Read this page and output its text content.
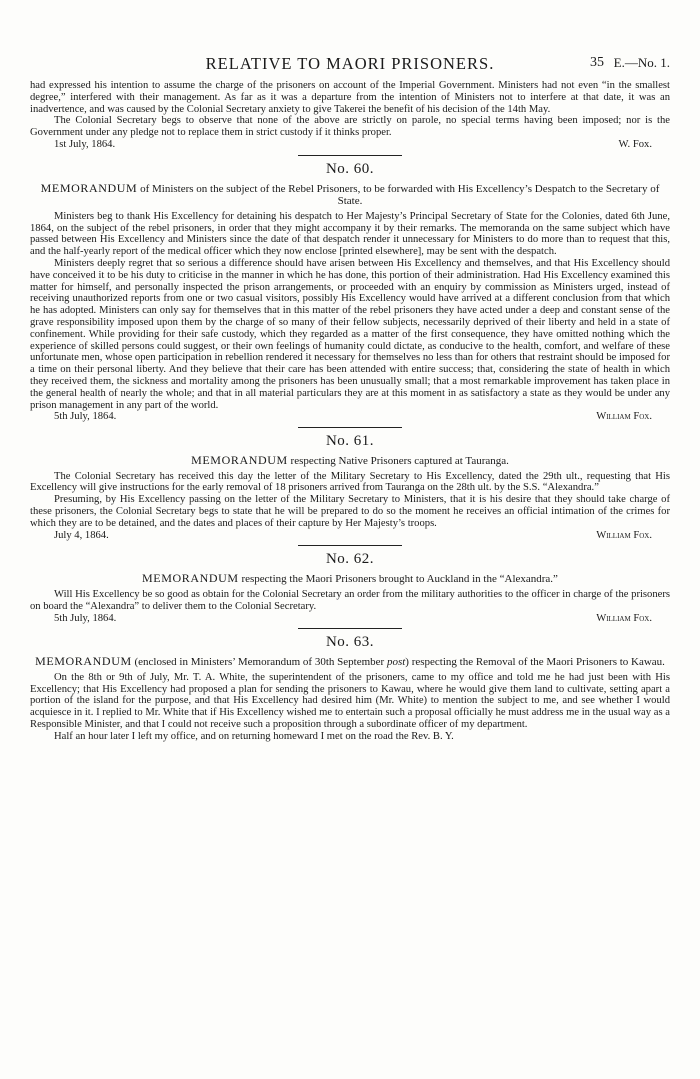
RELATIVE TO MAORI PRISONERS.	35 E.—No. 1.

had expressed his intention to assume the charge of the prisoners on account of the Imperial Government. Ministers had not even “in the smallest degree,” interfered with their management. As far as it was a departure from the intention of Ministers not to interfere at that date, it was an inadvertence, and was caused by the Colonial Secretary anxiety to give Takerei the benefit of his decision of the 14th May.

The Colonial Secretary begs to observe that none of the above are strictly on parole, no special terms having been imposed; nor is the Government under any pledge not to replace them in strict custody if it thinks proper.

1st July, 1864.	W. Fox.
No. 60.
MEMORANDUM of Ministers on the subject of the Rebel Prisoners, to be forwarded with His Excellency’s Despatch to the Secretary of State.

Ministers beg to thank His Excellency for detaining his despatch to Her Majesty’s Principal Secretary of State for the Colonies, dated 6th June, 1864, on the subject of the rebel prisoners, in order that they might accompany it by their remarks. The memoranda on the same subject which have passed between His Excellency and Ministers since the date of that despatch render it unnecessary for Ministers to do more than to request that this, and the half-yearly report of the medical officer which they now enclose [printed elsewhere], may be sent with the despatch.

Ministers deeply regret that so serious a difference should have arisen between His Excellency and themselves, and that His Excellency should have conceived it to be his duty to criticise in the manner in which he has done, this portion of their administration. Had His Excellency examined this matter for himself, and personally inspected the prison arrangements, or proceeded with an enquiry by commission as Ministers urged, instead of receiving unauthorized reports from one or two casual visitors, possibly His Excellency would have arrived at a different conclusion from that which he has adopted. Ministers can only say for themselves that in this matter of the rebel prisoners they have acted under a deep and constant sense of the grave responsibility imposed upon them by the charge of so many of their fellow subjects, necessarily deprived of their liberty and held in a state of confinement. While providing for their safe custody, which they regarded as a matter of the first consequence, they have omitted nothing which the experience of skilled persons could suggest, or their own feelings of humanity could dictate, as conducive to the health, comfort, and welfare of these unfortunate men, whose open participation in rebellion rendered it necessary for themselves no less than for others that restraint should be imposed for a time on their personal liberty. And they believe that their care has been attended with entire success; that, considering the state of health in which they received them, the sickness and mortality among the prisoners has been unusually small; that a most remarkable improvement has taken place in the general health of nearly the whole; and that in all material particulars they are at this moment in as satisfactory a state as they would be under any prison management in any part of the world.

5th July, 1864.	William Fox.
No. 61.
MEMORANDUM respecting Native Prisoners captured at Tauranga.

The Colonial Secretary has received this day the letter of the Military Secretary to His Excellency, dated the 29th ult., requesting that His Excellency will give instructions for the early removal of 18 prisoners arrived from Tauranga on the 28th ult. by the S.S. “Alexandra.”

Presuming, by His Excellency passing on the letter of the Military Secretary to Ministers, that it is his desire that they should take charge of these prisoners, the Colonial Secretary begs to state that he will be prepared to do so the moment he receives an official intimation of the crimes for which they are to be detained, and the dates and places of their capture by Her Majesty’s troops.

July 4, 1864.	William Fox.
No. 62.
MEMORANDUM respecting the Maori Prisoners brought to Auckland in the “Alexandra.”

Will His Excellency be so good as obtain for the Colonial Secretary an order from the military authorities to the officer in charge of the prisoners on board the “Alexandra” to deliver them to the Colonial Secretary.

5th July, 1864.	William Fox.
No. 63.
MEMORANDUM (enclosed in Ministers’ Memorandum of 30th September post) respecting the Removal of the Maori Prisoners to Kawau.

On the 8th or 9th of July, Mr. T. A. White, the superintendent of the prisoners, came to my office and told me he had just been with His Excellency; that His Excellency had proposed a plan for sending the prisoners to Kawau, where he would give them land to cultivate, setting apart a portion of the island for the purpose, and that His Excellency had desired him (Mr. White) to mention the subject to me, and see whether I would acquiesce in it. I replied to Mr. White that if His Excellency wished me to entertain such a proposal officially he must address me in the usual way as a Responsible Minister, and that I could not receive such a proposition through a subordinate officer of my department.

Half an hour later I left my office, and on returning homeward I met on the road the Rev. B. Y.
